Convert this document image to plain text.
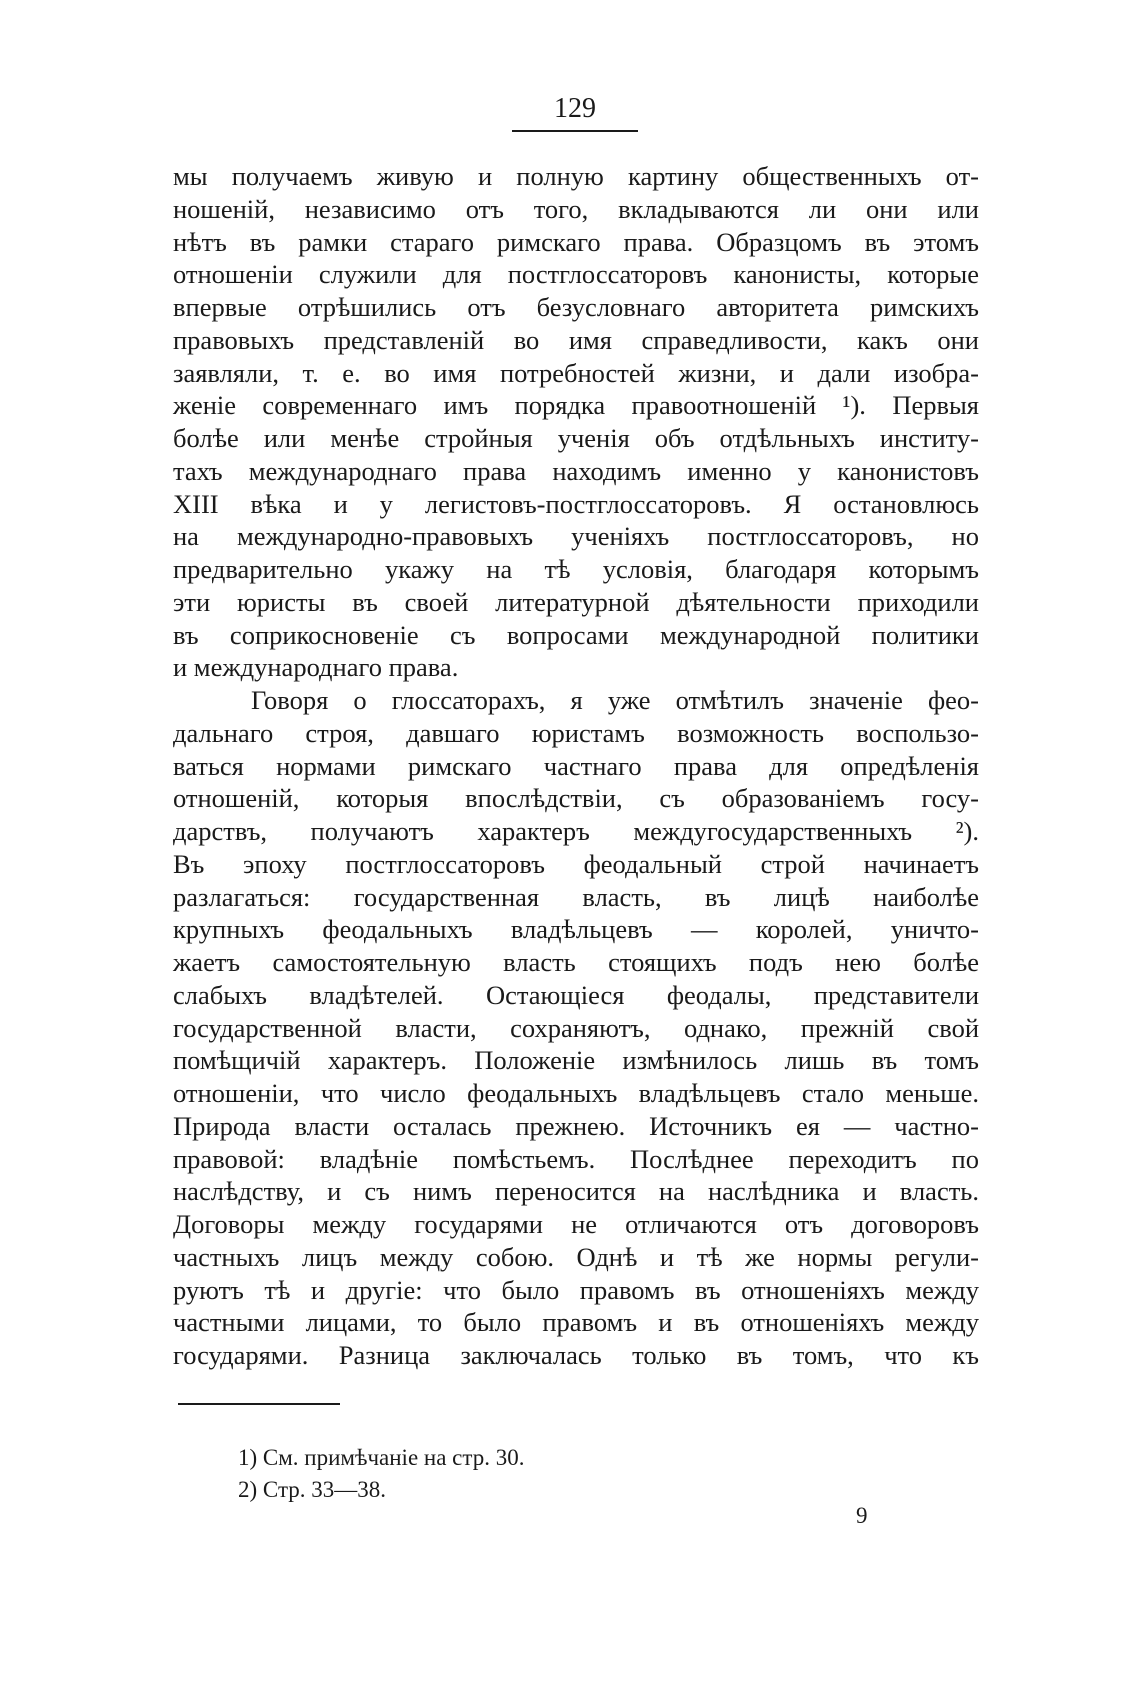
129
мы получаемъ живую и полную картину общественныхъ от-
ношеній, независимо отъ того, вкладываются ли они или
нѣтъ въ рамки стараго римскаго права. Образцомъ въ этомъ
отношеніи служили для постглоссаторовъ канонисты, которые
впервые отрѣшились отъ безусловнаго авторитета римскихъ
правовыхъ представленій во имя справедливости, какъ они
заявляли, т. е. во имя потребностей жизни, и дали изобра-
женіе современнаго имъ порядка правоотношеній ¹). Первыя
болѣе или менѣе стройныя ученія объ отдѣльныхъ институ-
тахъ международнаго права находимъ именно у канонистовъ
XIII вѣка и у легистовъ-постглоссаторовъ. Я остановлюсь
на международно-правовыхъ ученіяхъ постглоссаторовъ, но
предварительно укажу на тѣ условія, благодаря которымъ
эти юристы въ своей литературной дѣятельности приходили
въ соприкосновеніе съ вопросами международной политики
и международнаго права.
Говоря о глоссаторахъ, я уже отмѣтилъ значеніе фео-
дальнаго строя, давшаго юристамъ возможность воспользо-
ваться нормами римскаго частнаго права для опредѣленія
отношеній, которыя впослѣдствіи, съ образованіемъ госу-
дарствъ, получаютъ характеръ междугосударственныхъ ²).
Въ эпоху постглоссаторовъ феодальный строй начинаетъ
разлагаться: государственная власть, въ лицѣ наиболѣе
крупныхъ феодальныхъ владѣльцевъ — королей, уничто-
жаетъ самостоятельную власть стоящихъ подъ нею болѣе
слабыхъ владѣтелей. Остающіеся феодалы, представители
государственной власти, сохраняютъ, однако, прежній свой
помѣщичій характеръ. Положеніе измѣнилось лишь въ томъ
отношеніи, что число феодальныхъ владѣльцевъ стало меньше.
Природа власти осталась прежнею. Источникъ ея — частно-
правовой: владѣніе помѣстьемъ. Послѣднее переходитъ по
наслѣдству, и съ нимъ переносится на наслѣдника и власть.
Договоры между государями не отличаются отъ договоровъ
частныхъ лицъ между собою. Однѣ и тѣ же нормы регули-
руютъ тѣ и другіе: что было правомъ въ отношеніяхъ между
частными лицами, то было правомъ и въ отношеніяхъ между
государями. Разница заключалась только въ томъ, что къ
1) См. примѣчаніе на стр. 30.
2) Стр. 33—38.
9
